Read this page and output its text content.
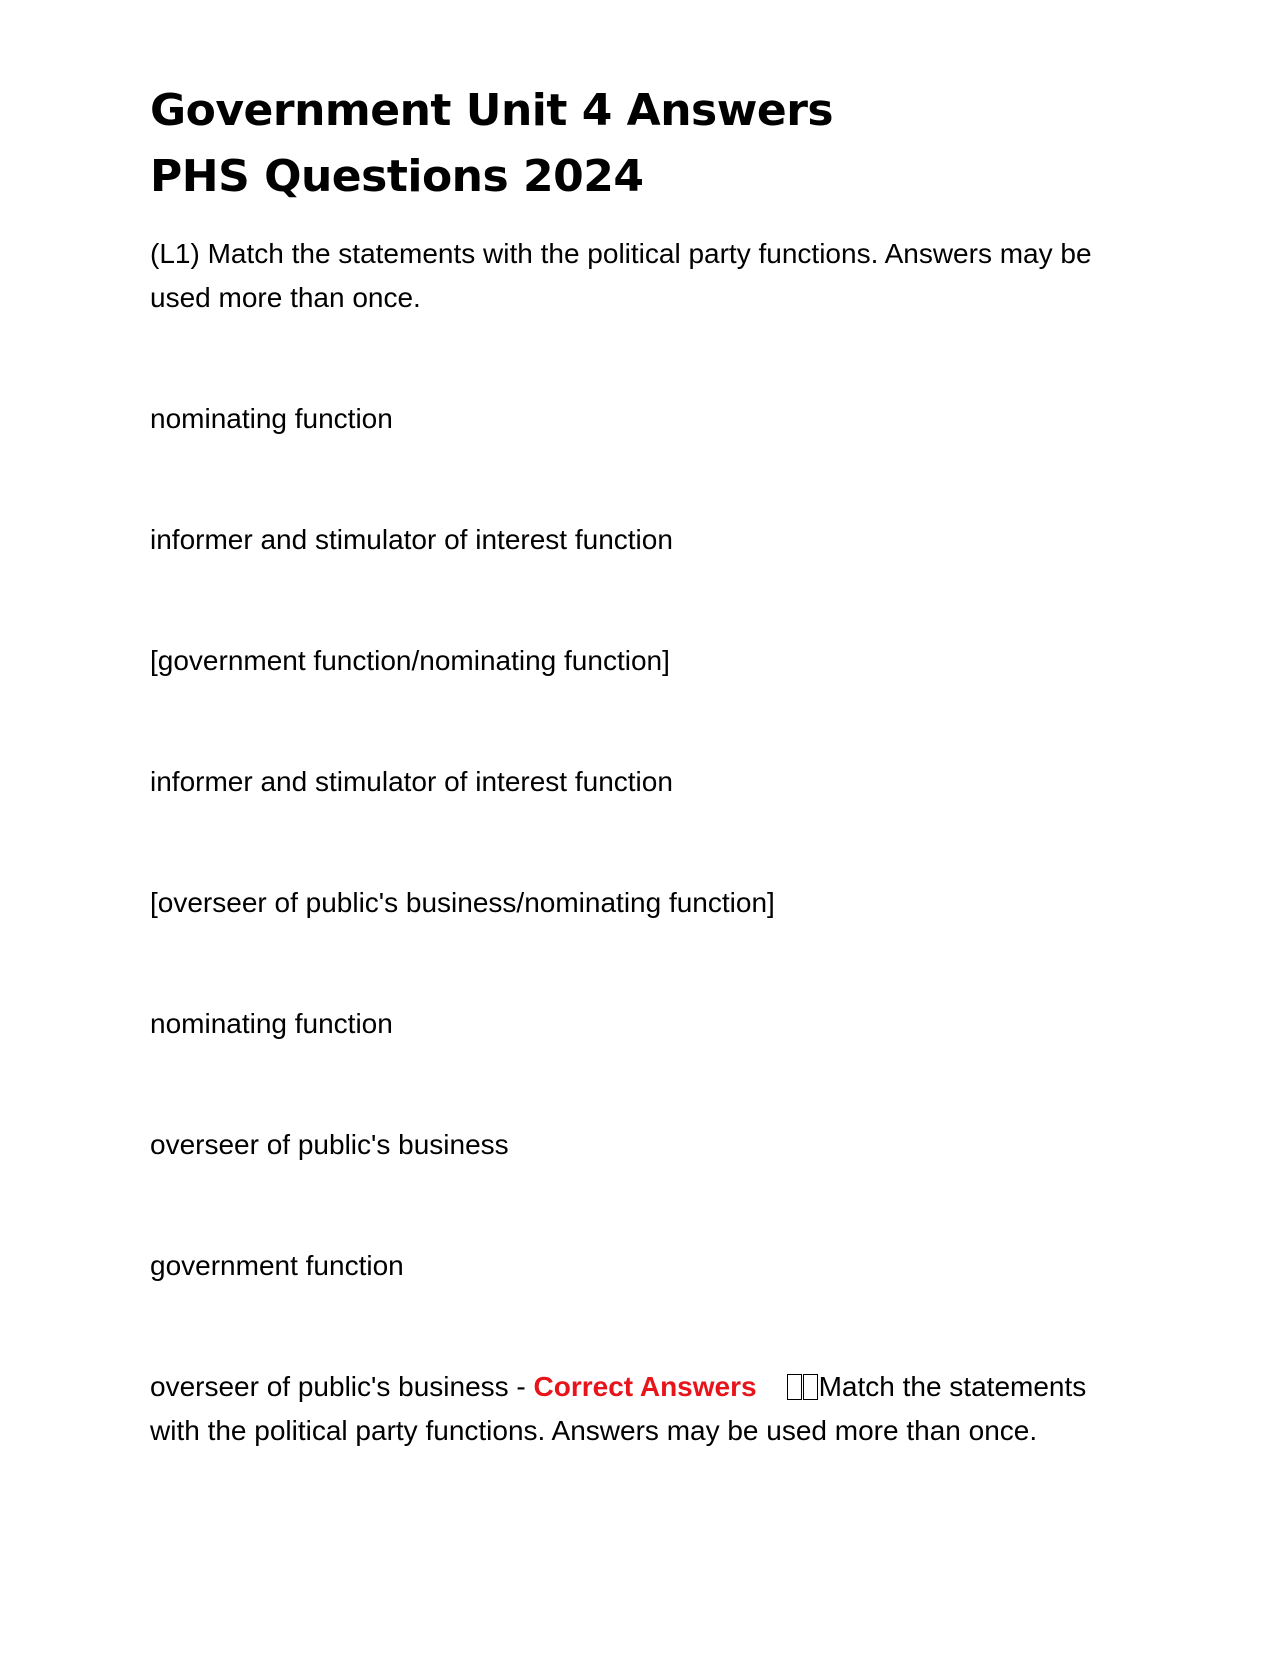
Government Unit 4 Answers PHS Questions 2024

(L1) Match the statements with the political party functions. Answers may be used more than once.

nominating function
informer and stimulator of interest function
[government function/nominating function]
informer and stimulator of interest function
[overseer of public's business/nominating function]
nominating function
overseer of public's business
government function

overseer of public's business - Correct Answers Match the statements with the political party functions. Answers may be used more than once.
